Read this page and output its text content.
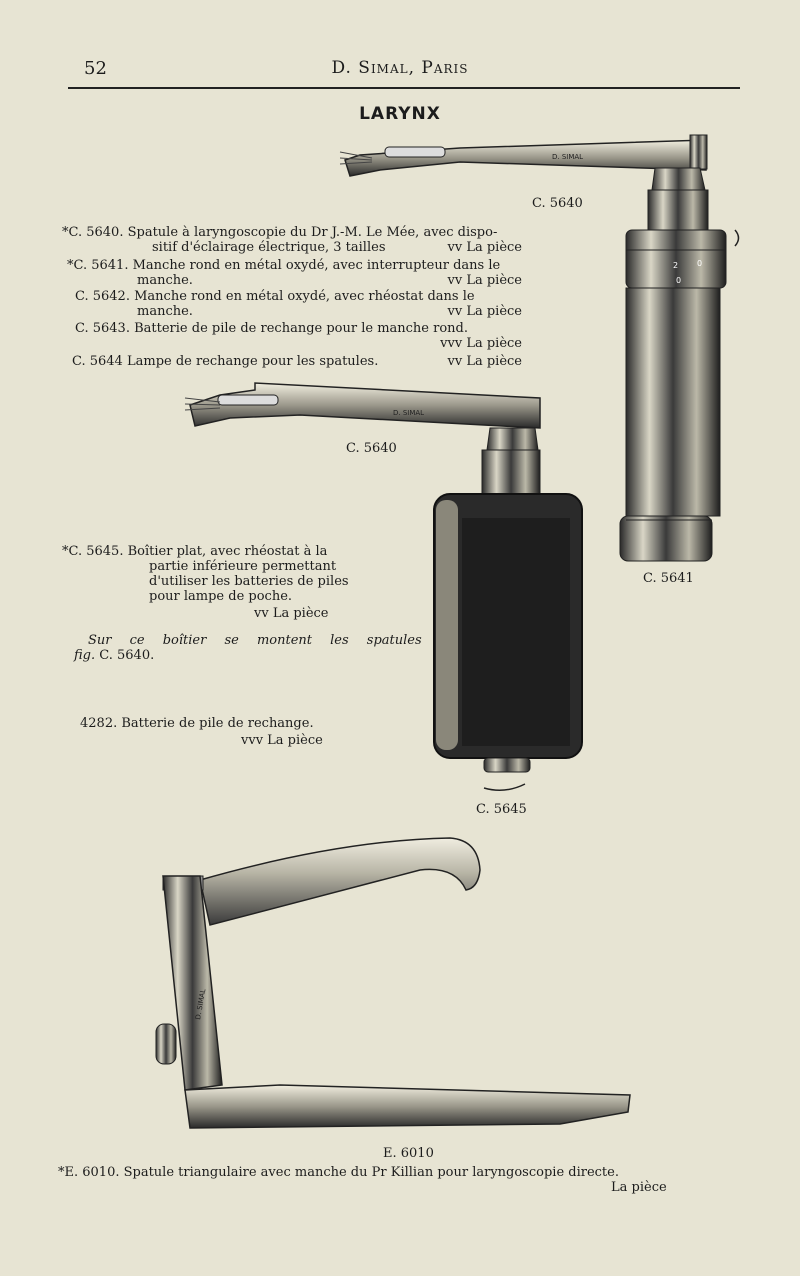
52	D. Simal, Paris
LARYNX
2 0
0
D. SIMAL
D. SIMAL
D. SIMAL
C. 5640
C. 5640
C. 5641
C. 5645
E. 6010
*C. 5640. Spatule à laryngoscopie du Dr J.-M. Le Mée, avec dispo-
sitif d'éclairage électrique, 3 tailles	vv La pièce
*C. 5641. Manche rond en métal oxydé, avec interrupteur dans le
manche.	vv La pièce
C. 5642. Manche rond en métal oxydé, avec rhéostat dans le
manche.	vv La pièce
C. 5643. Batterie de pile de rechange pour le manche rond.
vvv La pièce
C. 5644 Lampe de rechange pour les spatules.	vv La pièce
*C. 5645. Boîtier plat, avec rhéostat à la
partie inférieure permettant
d'utiliser les batteries de piles
pour lampe de poche.
vv La pièce
Sur ce boîtier se montent les spatules
fig. C. 5640.
4282. Batterie de pile de rechange.
vvv La pièce
*E. 6010. Spatule triangulaire avec manche du Pr Killian pour laryngoscopie directe.
La pièce
